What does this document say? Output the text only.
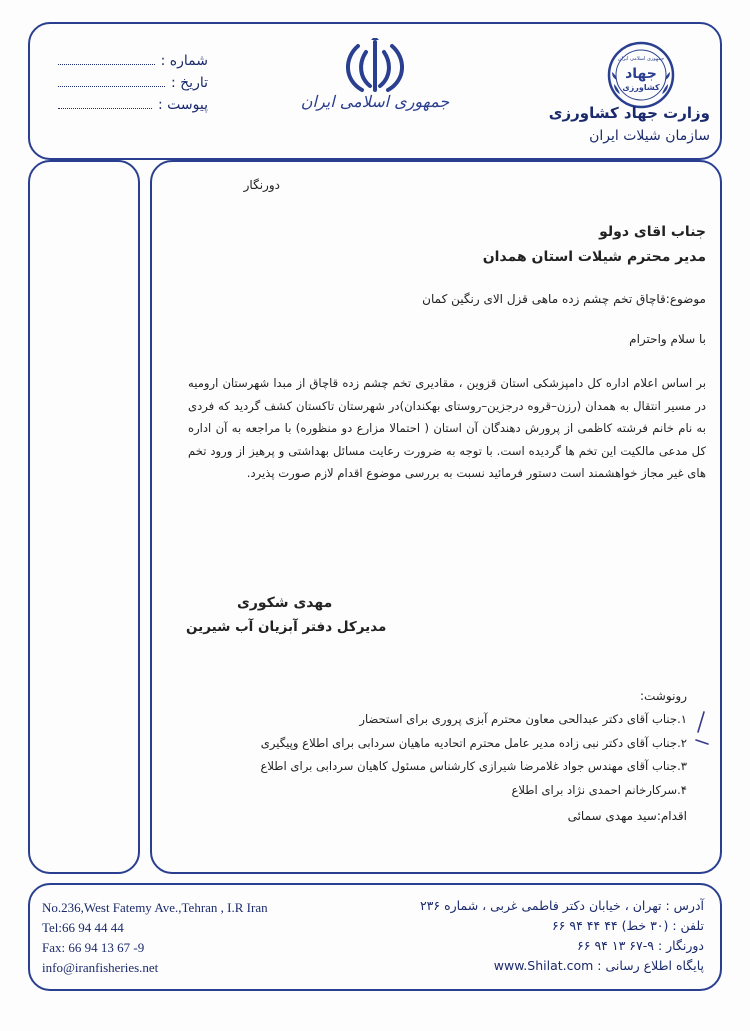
شماره :
تاریخ :
پیوست :	جمهوری اسلامی ایران
جمهوری اسلامی ایران
جهاد
کشاورزی
وزارت جهاد کشاورزی
سازمان شیلات ایران
دورنگار
جناب اقای دولو
مدیر محترم شیلات استان همدان
موضوع:قاچاق تخم چشم زده ماهی قزل الای رنگین کمان
با سلام واحترام
بر اساس اعلام اداره کل دامپزشکی استان قزوین ، مقادیری تخم چشم زده قاچاق از مبدا شهرستان ارومیه در مسیر انتقال به همدان (رزن–قروه درجزین–روستای بهکندان)در شهرستان تاکستان کشف گردید که فردی به نام خانم فرشته کاظمی از پرورش دهندگان آن استان ( احتمالا مزارع دو منظوره) با مراجعه به آن اداره کل مدعی مالکیت این تخم ها گردیده است. با توجه به ضرورت رعایت مسائل بهداشتی و پرهیز از ورود تخم های غیر مجاز خواهشمند است دستور فرمائید نسبت به بررسی موضوع اقدام لازم صورت پذیرد.
مهدی شکوری
مدیرکل دفتر آبزیان آب شیرین
رونوشت:
۱.جناب آقای دکتر عبدالحی معاون محترم آبزی پروری برای استحضار
۲.جناب آقای دکتر نبی زاده مدیر عامل محترم اتحادیه ماهیان سردابی برای اطلاع وپیگیری
۳.جناب آقای مهندس جواد غلامرضا شیرازی کارشناس مسئول کاهیان سردابی برای اطلاع
۴.سرکارخانم احمدی نژاد برای اطلاع
اقدام:سید مهدی سمائی
No.236,West Fatemy Ave.,Tehran , I.R Iran
Tel:66 94 44 44
Fax: 66 94 13 67 -9
info@iranfisheries.net
آدرس : تهران ، خیابان دکتر فاطمی غربی ، شماره ۲۳۶
تلفن : (۳۰ خط) ۴۴ ۴۴ ۹۴ ۶۶
دورنگار : ۹-۶۷ ۱۳ ۹۴ ۶۶
پایگاه اطلاع رسانی : www.Shilat.com
